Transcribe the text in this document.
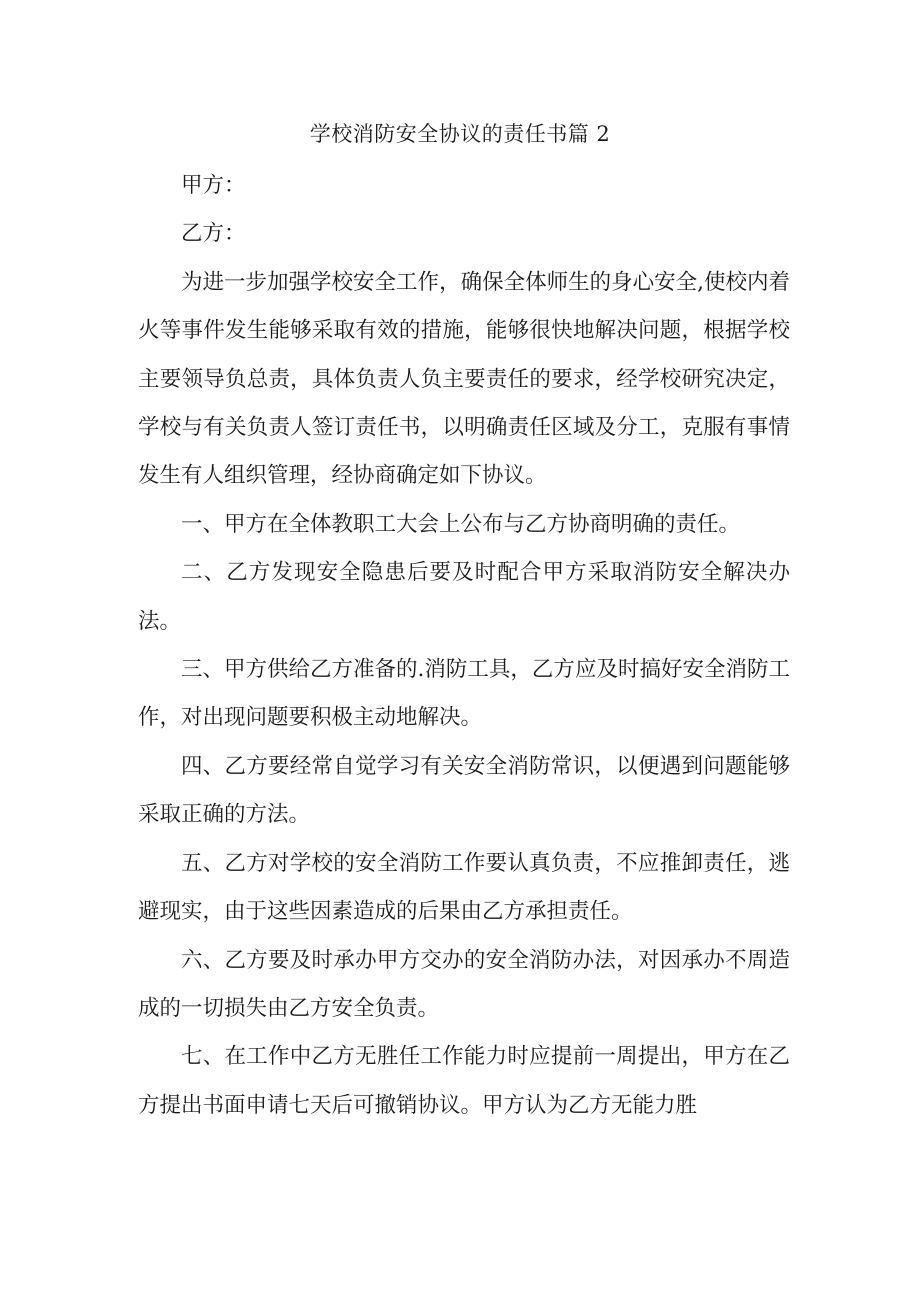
学校消防安全协议的责任书篇 2

甲方：

乙方：

为进一步加强学校安全工作，确保全体师生的身心安全,使校内着火等事件发生能够采取有效的措施，能够很快地解决问题，根据学校主要领导负总责，具体负责人负主要责任的要求，经学校研究决定，学校与有关负责人签订责任书，以明确责任区域及分工，克服有事情发生有人组织管理，经协商确定如下协议。

一、甲方在全体教职工大会上公布与乙方协商明确的责任。

二、乙方发现安全隐患后要及时配合甲方采取消防安全解决办法。

三、甲方供给乙方准备的.消防工具，乙方应及时搞好安全消防工作，对出现问题要积极主动地解决。

四、乙方要经常自觉学习有关安全消防常识，以便遇到问题能够采取正确的方法。

五、乙方对学校的安全消防工作要认真负责，不应推卸责任，逃避现实，由于这些因素造成的后果由乙方承担责任。

六、乙方要及时承办甲方交办的安全消防办法，对因承办不周造成的一切损失由乙方安全负责。

七、在工作中乙方无胜任工作能力时应提前一周提出，甲方在乙方提出书面申请七天后可撤销协议。甲方认为乙方无能力胜
